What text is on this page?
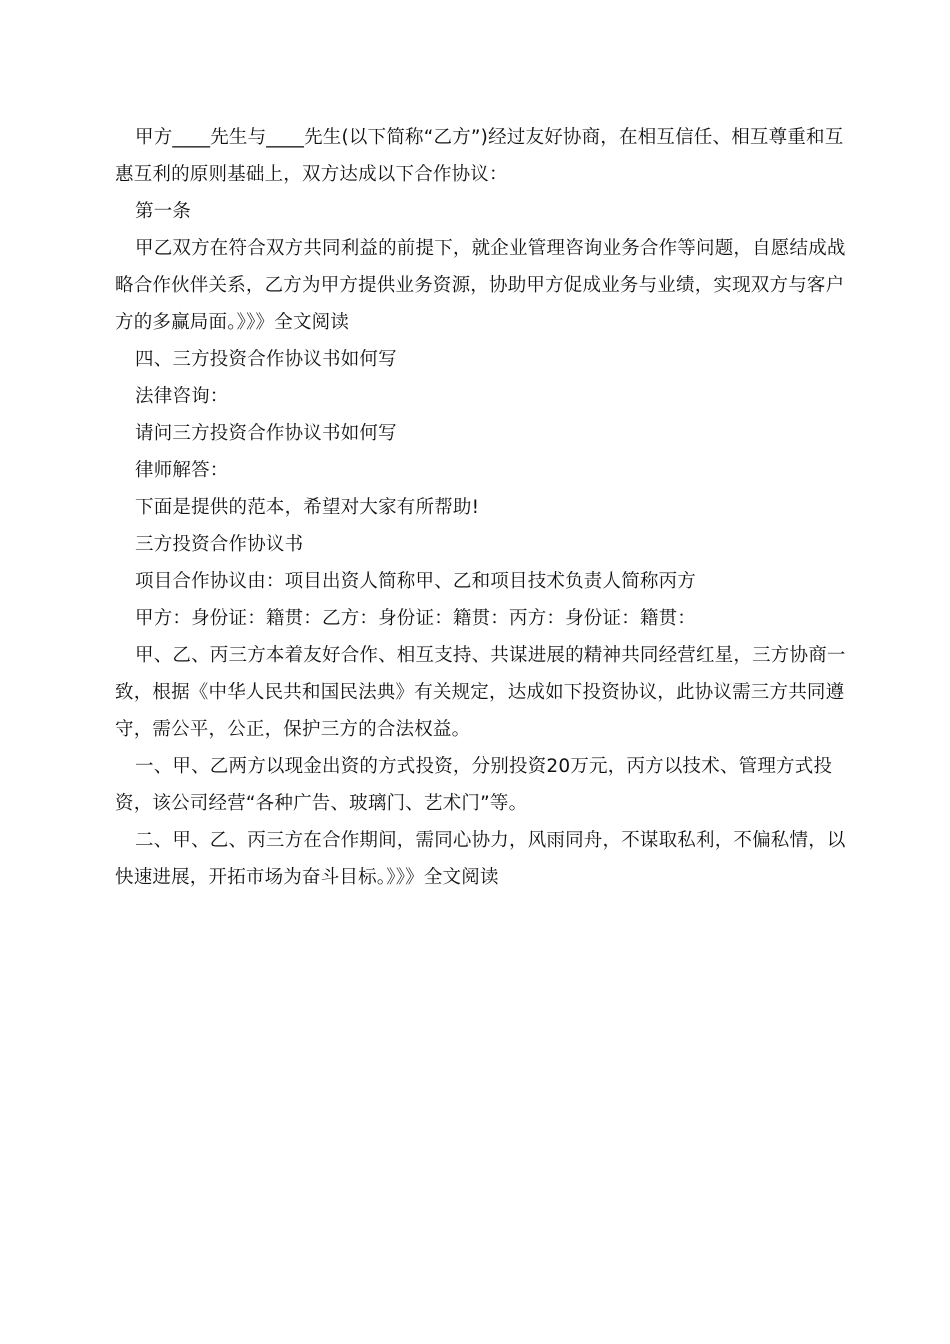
甲方____先生与____先生(以下简称“乙方”)经过友好协商，在相互信任、相互尊重和互惠互利的原则基础上，双方达成以下合作协议：

第一条

甲乙双方在符合双方共同利益的前提下，就企业管理咨询业务合作等问题，自愿结成战略合作伙伴关系，乙方为甲方提供业务资源，协助甲方促成业务与业绩，实现双方与客户方的多赢局面。》》》全文阅读

四、三方投资合作协议书如何写

法律咨询：

请问三方投资合作协议书如何写

律师解答：

下面是提供的范本，希望对大家有所帮助!

三方投资合作协议书

项目合作协议由：项目出资人简称甲、乙和项目技术负责人简称丙方

甲方：身份证：籍贯：乙方：身份证：籍贯：丙方：身份证：籍贯：

甲、乙、丙三方本着友好合作、相互支持、共谋进展的精神共同经营红星，三方协商一致，根据《中华人民共和国民法典》有关规定，达成如下投资协议，此协议需三方共同遵守，需公平，公正，保护三方的合法权益。

一、甲、乙两方以现金出资的方式投资，分别投资20万元，丙方以技术、管理方式投资，该公司经营“各种广告、玻璃门、艺术门”等。

二、甲、乙、丙三方在合作期间，需同心协力，风雨同舟，不谋取私利，不偏私情，以快速进展，开拓市场为奋斗目标。》》》全文阅读
